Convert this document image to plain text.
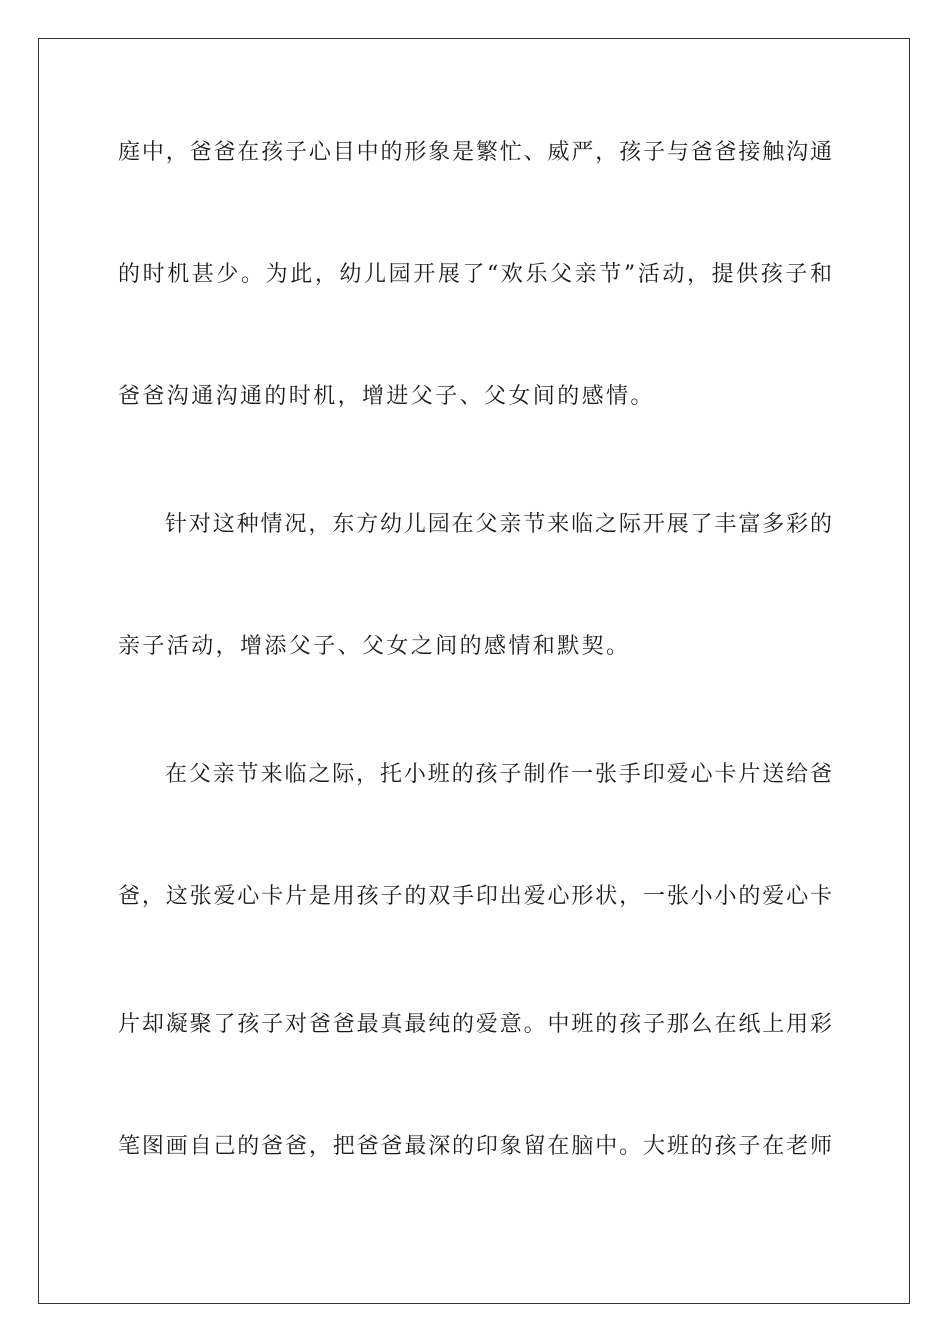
庭中，爸爸在孩子心目中的形象是繁忙、威严，孩子与爸爸接触沟通
的时机甚少。为此，幼儿园开展了“欢乐父亲节”活动，提供孩子和
爸爸沟通沟通的时机，增进父子、父女间的感情。
针对这种情况，东方幼儿园在父亲节来临之际开展了丰富多彩的
亲子活动，增添父子、父女之间的感情和默契。
在父亲节来临之际，托小班的孩子制作一张手印爱心卡片送给爸
爸，这张爱心卡片是用孩子的双手印出爱心形状，一张小小的爱心卡
片却凝聚了孩子对爸爸最真最纯的爱意。中班的孩子那么在纸上用彩
笔图画自己的爸爸，把爸爸最深的印象留在脑中。大班的孩子在老师
